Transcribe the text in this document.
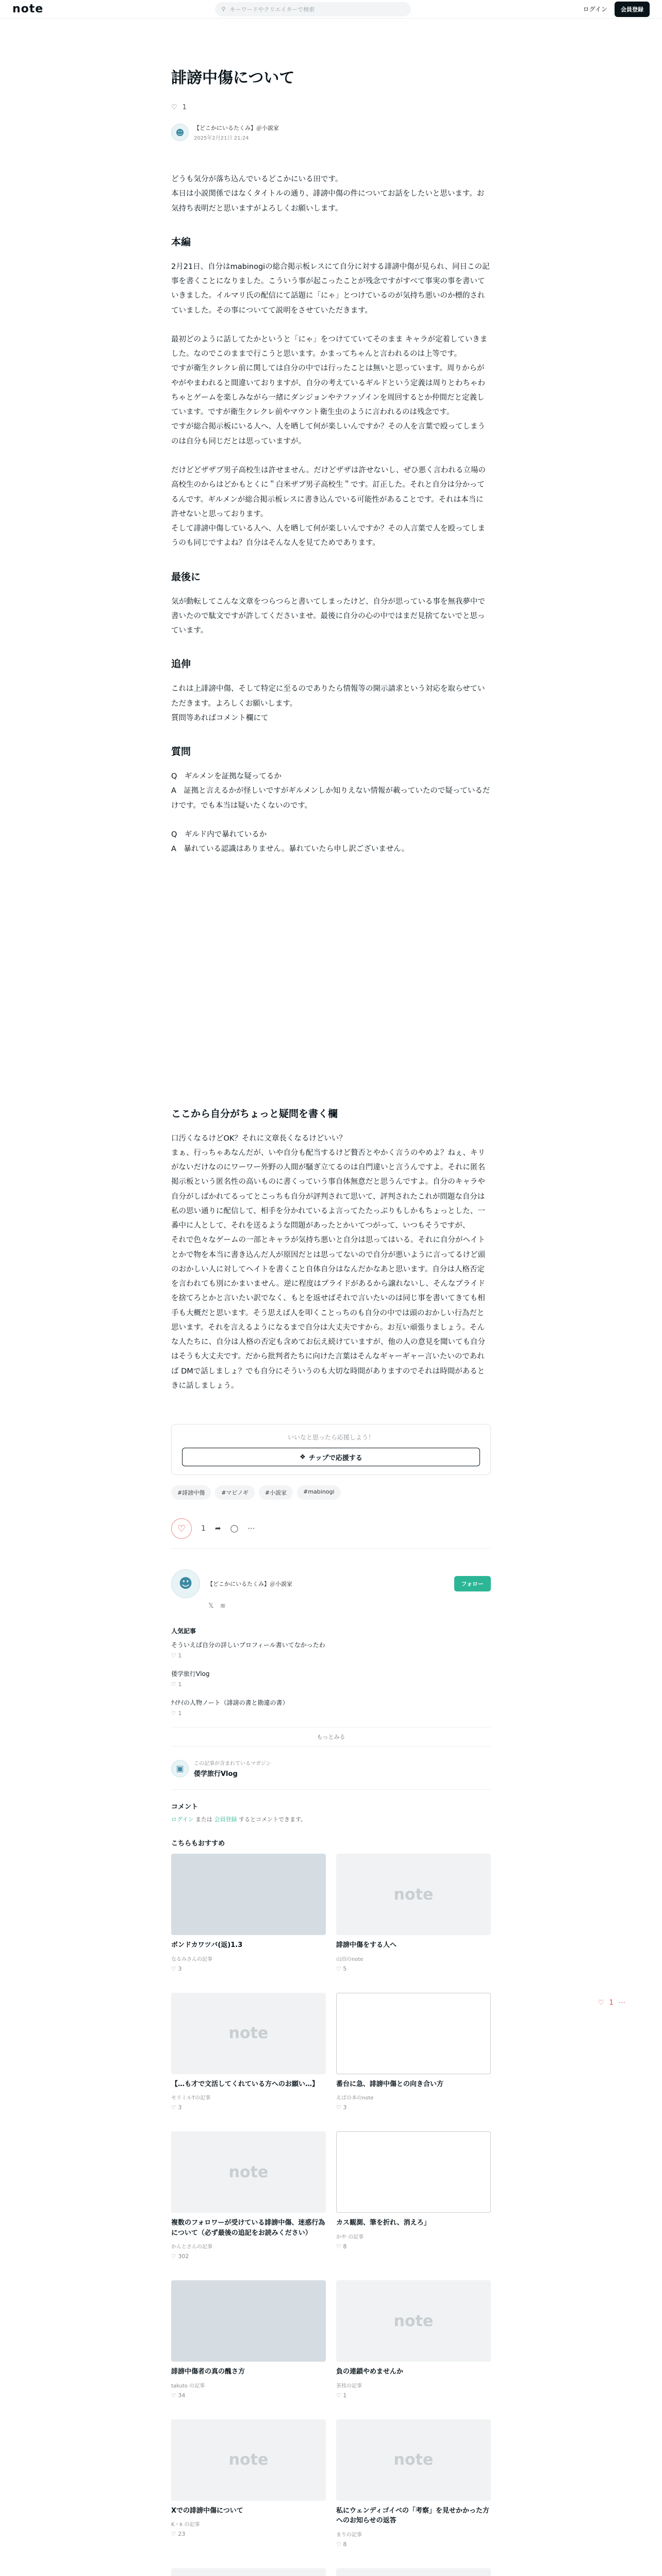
note	⚲ キーワードやクリエイターで検索	ログイン	会員登録
誹謗中傷について
♡ 1
☻	【どこかにいるたくみ】＠小説家
2025年2月21日 21:24

どうも気分が落ち込んでいるどこかにいる田です。
本日は小説関係ではなくタイトルの通り、誹謗中傷の件についてお話をしたいと思います。お気持ち表明だと思いますがよろしくお願いします。

本編

2月21日、自分はmabinogiの総合掲示板レスにて自分に対する誹謗中傷が見られ、同日この記事を書くことになりました。こういう事が起こったことが残念ですがすべて事実の事を書いていきました。イルマリ氏の配信にて話題に「にゃ」とつけているのが気持ち悪いのか標的されていました。その事についてて説明をさせていただきます。

最初どのように話してたかというと「にゃ」をつけてていてそのまま キャラが定着していきました。なのでこのままで行こうと思います。かまってちゃんと言われるのは上等です。
ですが衛生クレクレ前に関しては自分の中では行ったことは無いと思っています。周りからがやがやまわれると間違いておりますが、自分の考えているギルドという定義は周りとわちゃわちゃとゲームを楽しみながら一緒にダンジョンやテファゾインを周回するとか仲間だと定義しています。ですが衛生クレクレ前やマウント衛生虫のように言われるのは残念です。
ですが総合掲示板にいる人へ、人を晒して何が楽しいんですか？その人を言葉で殴ってしまうのは自分も同じだとは思っていますが。

だけどどザザブ男子高校生は許せません。だけどザザは許せないし、ぜひ悪く言われる立場の高校生のからはどかもとくに＂白米ザブ男子高校生＂です。訂正した。それと自分は分かってるんです。ギルメンが総合掲示板レスに書き込んでいる可能性があることです。それは本当に許せないと思っております。
そして誹謗中傷している人へ、人を晒して何が楽しいんですか？その人言葉で人を殴ってしまうのも同じですよね？自分はそんな人を見てためであります。

最後に

気が動転してこんな文章をつらつらと書いてしまったけど、自分が思っている事を無我夢中で書いたので駄文ですが許してくださいませ。最後に自分の心の中ではまだ見捨てないでと思っています。

追伸

これは上誹謗中傷、そして特定に至るのでありたら情報等の開示請求という対応を取らせていただきます。よろしくお願いします。
質問等あればコメント欄にて

質問

Q　ギルメンを証拠な疑ってるか
A　証拠と言えるかが怪しいですがギルメンしか知りえない情報が載っていたので疑っているだけです。でも本当は疑いたくないのです。

Q　ギルド内で暴れているか
A　暴れている認識はありません。暴れていたら申し訳ございません。

ここから自分がちょっと疑問を書く欄

口汚くなるけどOK？それに文章長くなるけどいい？
まぁ、行っちゃあなんだが、いや自分も配当するけど贅否とやかく言うのやめよ？ねぇ、キリがないだけなのにワーワー外野の人間が騒ぎ立てるのは自門違いと言うんですよ。それに匿名掲示板という匿名性の高いものに書くっていう事自体無意だと思うんですよ。自分のキャラや自分がしばかれてるってとこっちも自分が評判されて思いて、評判されたこれが問題な自分は私の思い通りに配信して、相手を分かれているよ言ってたたっぷりもしかもちょっとした、一番中に人として、それを送るような問題があったとかいてつがって、いつもそうですが、
それで色々なゲームの一部とキャラが気持ち悪いと自分は思ってはいる。それに自分がヘイトとかで物を本当に書き込んだ人が原因だとは思ってないので自分が悪いように言ってるけど頭のおかしい人に対してヘイトを書くこと自体自分はなんだかなあと思います。自分は人格否定を言われても別にかまいません。逆に程度はプライドがあるから譲れないし、そんなプライドを捨てろとかと言いたい訳でなく、もとを返せばそれで言いたいのは同じ事を書いてきても相手も大概だと思います。そう思えば人を叩くことっちのも自分の中では頭のおかしい行為だと思います。それを言えるようになるまで自分は大丈夫ですから。お互い頑張りましょう。そんな人たちに、自分は人格の否定も含めてお伝え続けていますが、他の人の意見を聞いても自分はそうも大丈夫です。だから批判者たちに向けた言葉はそんなギャーギャー言いたいのであれば DMで話しましょ？でも自分にそういうのも大切な時間がありますのでそれは時間があるときに話しましょう。

いいなと思ったら応援しよう！
❖ チップで応援する
#誹謗中傷	#マビノギ	#小説家	#mabinogi
♡ 1 ➦ ◯ ⋯
☻	【どこかにいるたくみ】＠小説家	フォロー
𝕏 ≋
人気記事
そういえば自分の詳しいプロフィール書いてなかったわ
♡ 1
倭学旅行Vlog
♡ 1
ﾅｲﾅｲの人物ノート（誹謗の書と勘違の書）
♡ 1
もっとみる
▣	この記事が含まれているマガジン
倭学旅行Vlog
コメント
ログイン または 会員登録 するとコメントできます。
こちらもおすすめ
ボンドカワツバ(返)1.3
なるみさんの記事
♡ 3
note
誹謗中傷をする人へ
山田のnote
♡ 5
note
【…も才で文活してくれている方へのお願い…】
モリミルTの記事
♡ 3
番台に急、誹謗中傷との向き合い方
えばの本のnote
♡ 3
note
複数のフォロワーが受けている誹謗中傷、迷惑行為について（必ず最後の追記をお読みください）
かんとさんの記事
♡ 302
カス観測、筆を折れ、消えろ」
かや の記事
♡ 8
誹謗中傷者の真の醜さ方
takuto の記事
♡ 34
note
負の連鎖やめませんか
茶枝の記事
♡ 1
note
Xでの誹謗中傷について
K・k の記事
♡ 23
note
私にウェンディゴイベの「考察」を見せかかった方へのお知らせの返答
まりの記事
♡ 8
♡ 1 ⋯
